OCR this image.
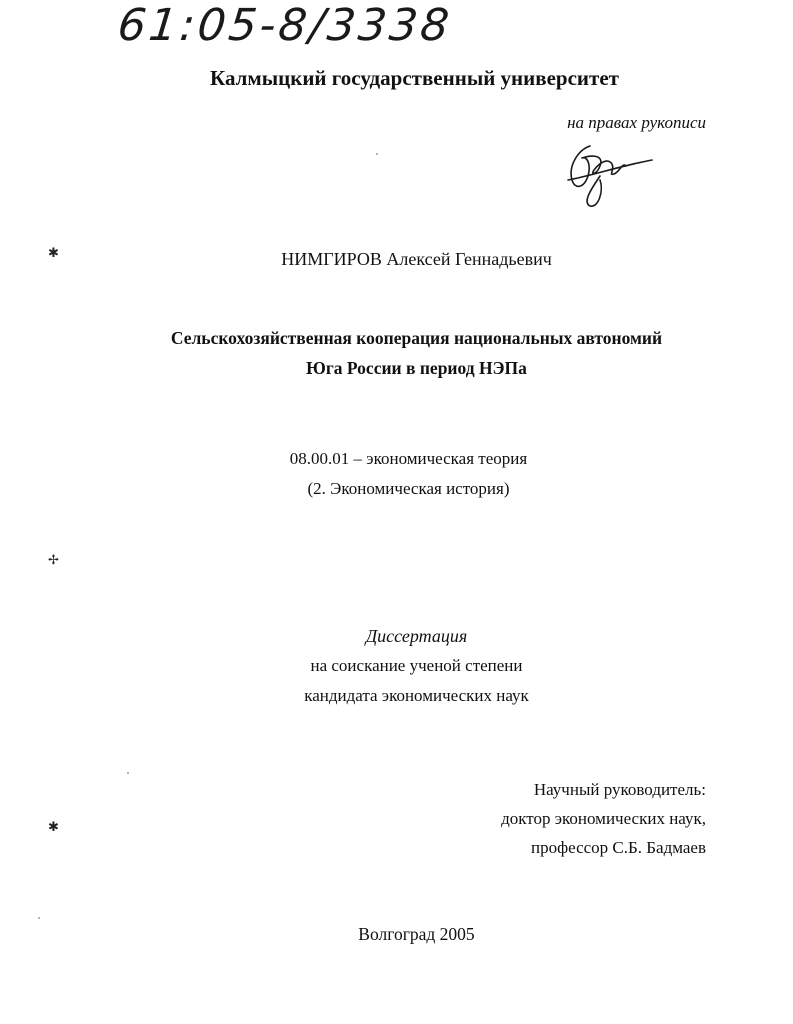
61:05-8/3338
Калмыцкий государственный университет
на правах рукописи
НИМГИРОВ Алексей Геннадьевич
Сельскохозяйственная кооперация национальных автономий
Юга России в период НЭПа
08.00.01 – экономическая теория
(2. Экономическая история)
Диссертация
на соискание ученой степени
кандидата экономических наук
Научный руководитель:
доктор экономических наук,
профессор С.Б. Бадмаев
Волгоград 2005
✱
✢
✱
